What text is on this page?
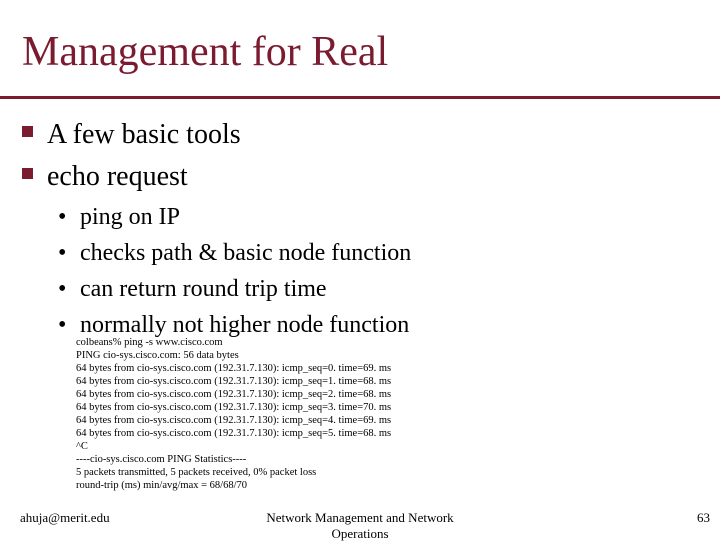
Management for Real
A few basic tools
echo request
• ping on IP
• checks path & basic node function
• can return round trip time
• normally not higher node function
colbeans% ping -s www.cisco.com
PING cio-sys.cisco.com: 56 data bytes
64 bytes from cio-sys.cisco.com (192.31.7.130): icmp_seq=0. time=69. ms
64 bytes from cio-sys.cisco.com (192.31.7.130): icmp_seq=1. time=68. ms
64 bytes from cio-sys.cisco.com (192.31.7.130): icmp_seq=2. time=68. ms
64 bytes from cio-sys.cisco.com (192.31.7.130): icmp_seq=3. time=70. ms
64 bytes from cio-sys.cisco.com (192.31.7.130): icmp_seq=4. time=69. ms
64 bytes from cio-sys.cisco.com (192.31.7.130): icmp_seq=5. time=68. ms
^C
----cio-sys.cisco.com PING Statistics----
5 packets transmitted, 5 packets received, 0% packet loss
round-trip (ms) min/avg/max = 68/68/70
ahuja@merit.edu	Network Management and Network Operations
63
